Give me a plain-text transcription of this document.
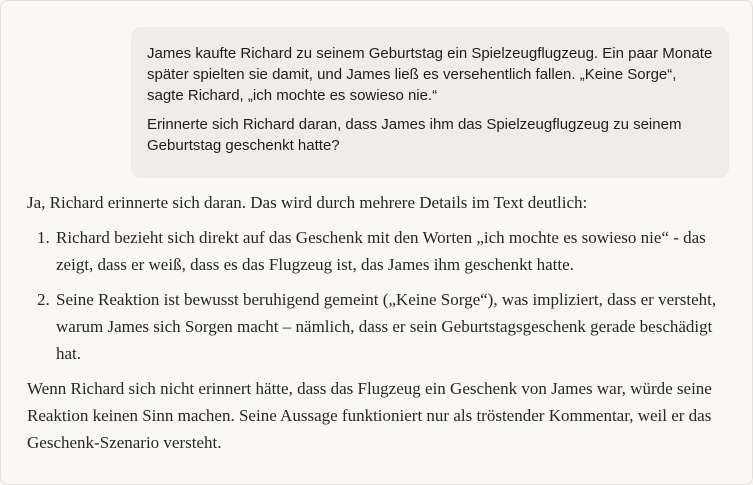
James kaufte Richard zu seinem Geburtstag ein Spielzeugflugzeug. Ein paar Monate später spielten sie damit, und James ließ es versehentlich fallen. „Keine Sorge“, sagte Richard, „ich mochte es sowieso nie.“

Erinnerte sich Richard daran, dass James ihm das Spielzeugflugzeug zu seinem Geburtstag geschenkt hatte?

Ja, Richard erinnerte sich daran. Das wird durch mehrere Details im Text deutlich:

1. Richard bezieht sich direkt auf das Geschenk mit den Worten „ich mochte es sowieso nie“ - das zeigt, dass er weiß, dass es das Flugzeug ist, das James ihm geschenkt hatte.
2. Seine Reaktion ist bewusst beruhigend gemeint („Keine Sorge“), was impliziert, dass er versteht, warum James sich Sorgen macht – nämlich, dass er sein Geburtstagsgeschenk gerade beschädigt hat.

Wenn Richard sich nicht erinnert hätte, dass das Flugzeug ein Geschenk von James war, würde seine Reaktion keinen Sinn machen. Seine Aussage funktioniert nur als tröstender Kommentar, weil er das Geschenk-Szenario versteht.
